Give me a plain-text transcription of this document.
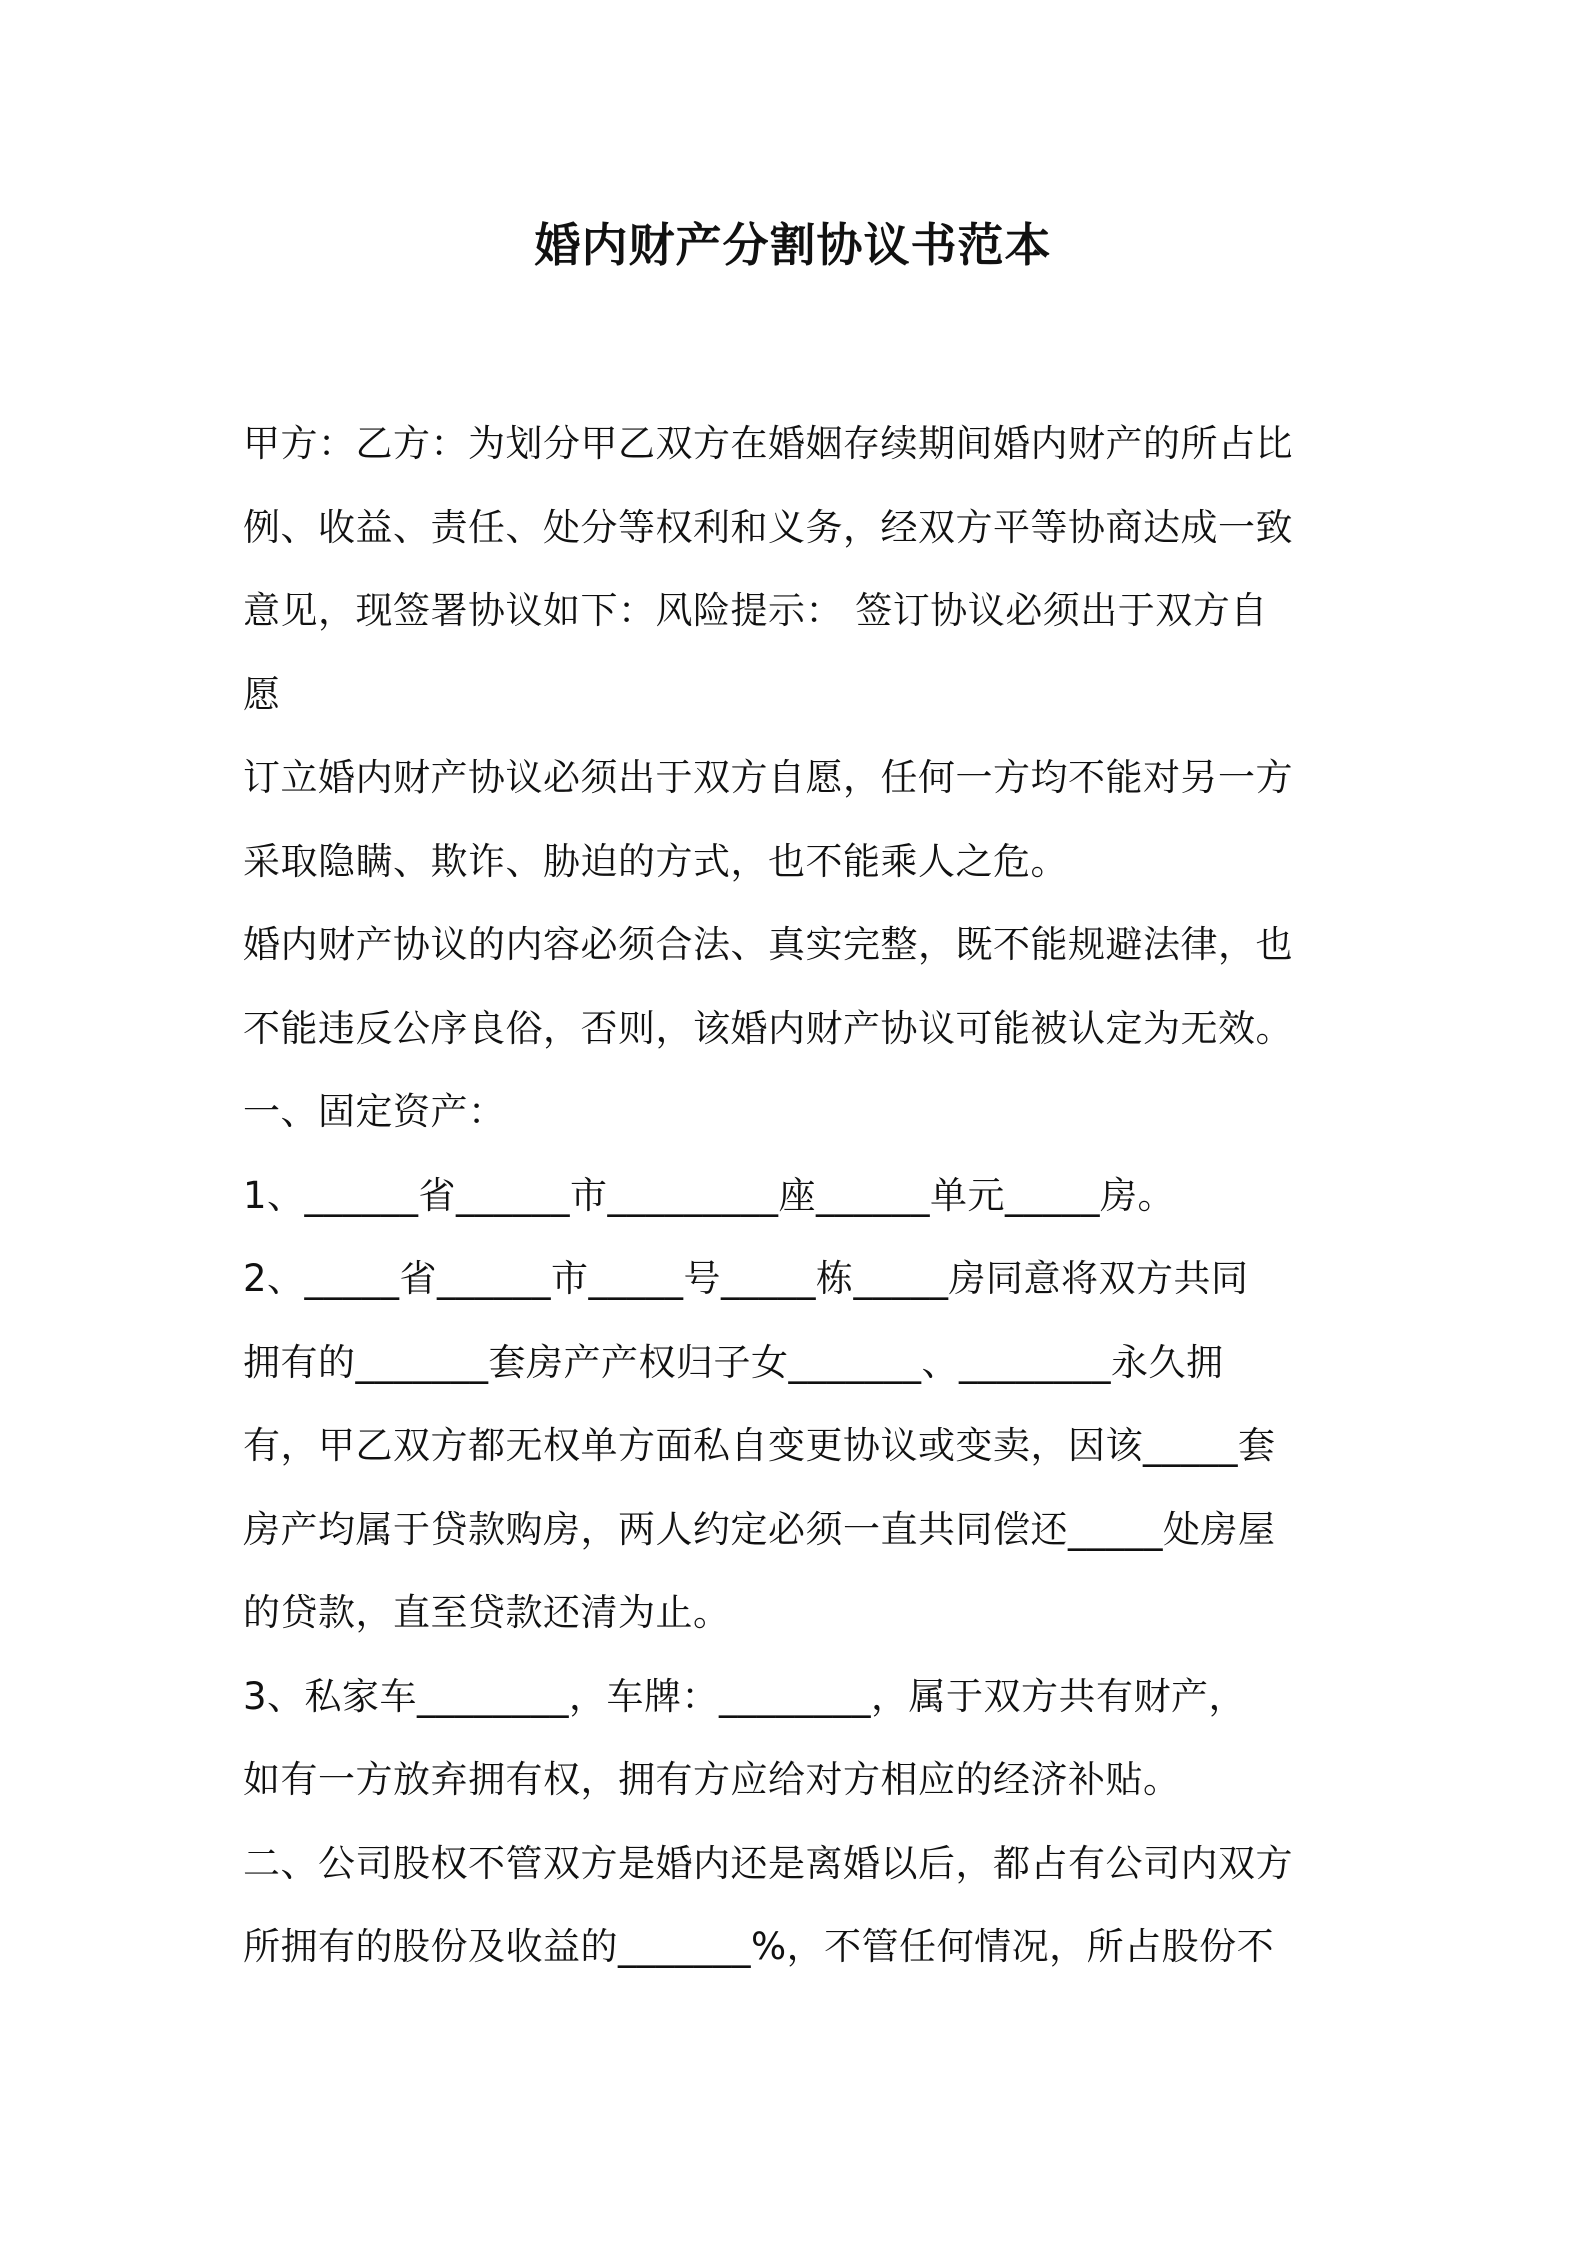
婚内财产分割协议书范本
甲方：乙方：为划分甲乙双方在婚姻存续期间婚内财产的所占比
例、收益、责任、处分等权利和义务，经双方平等协商达成一致
意见，现签署协议如下：风险提示： 签订协议必须出于双方自
愿
订立婚内财产协议必须出于双方自愿，任何一方均不能对另一方
采取隐瞒、欺诈、胁迫的方式，也不能乘人之危。
婚内财产协议的内容必须合法、真实完整，既不能规避法律，也
不能违反公序良俗，否则，该婚内财产协议可能被认定为无效。
一、固定资产：
1、______省______市_________座______单元_____房。
2、_____省______市_____号_____栋_____房同意将双方共同
拥有的_______套房产产权归子女_______、________永久拥
有，甲乙双方都无权单方面私自变更协议或变卖，因该_____套
房产均属于贷款购房，两人约定必须一直共同偿还_____处房屋
的贷款，直至贷款还清为止。
3、私家车________，车牌：________，属于双方共有财产，
如有一方放弃拥有权，拥有方应给对方相应的经济补贴。
二、公司股权不管双方是婚内还是离婚以后，都占有公司内双方
所拥有的股份及收益的_______%，不管任何情况，所占股份不
